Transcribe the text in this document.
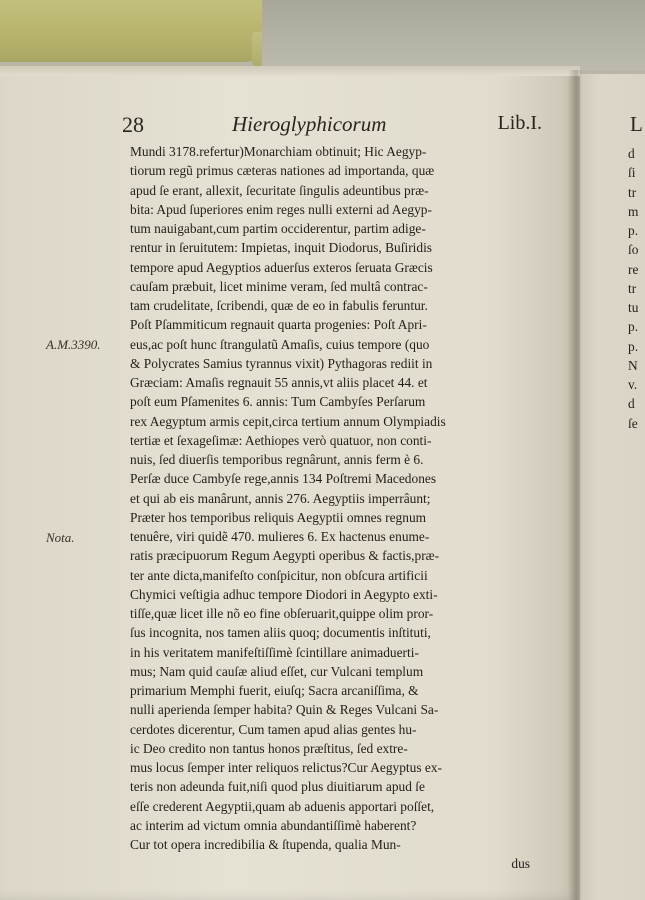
28	Hieroglyphicorum	Lib.I.
A.M.3390.
Nota.
Mundi 3178.refertur)Monarchiam obtinuit; Hic Aegyp-
tiorum regũ primus cæteras nationes ad importanda, quæ
apud ſe erant, allexit, ſecuritate ſingulis adeuntibus præ-
bita: Apud ſuperiores enim reges nulli externi ad Aegyp-
tum nauigabant,cum partim occiderentur, partim adige-
rentur in ſeruitutem: Impietas, inquit Diodorus, Buſiridis
tempore apud Aegyptios aduerſus exteros ſeruata Græcis
cauſam præbuit, licet minime veram, ſed multâ contrac-
tam crudelitate, ſcribendi, quæ de eo in fabulis feruntur.
Poſt Pſammiticum regnauit quarta progenies: Poſt Apri-
eus,ac poſt hunc ſtrangulatũ Amaſis, cuius tempore (quo
& Polycrates Samius tyrannus vixit) Pythagoras rediit in
Græciam: Amaſis regnauit 55 annis,vt aliis placet 44. et
poſt eum Pſamenites 6. annis: Tum Cambyſes Perſarum
rex Aegyptum armis cepit,circa tertium annum Olympiadis
tertiæ et ſexageſimæ: Aethiopes verò quatuor, non conti-
nuis, ſed diuerſis temporibus regnârunt, annis ferm è 6.
Perſæ duce Cambyſe rege,annis 134 Poſtremi Macedones
et qui ab eis manârunt, annis 276. Aegyptiis imperrâunt;
Præter hos temporibus reliquis Aegyptii omnes regnum
tenuêre, viri quidẽ 470. mulieres 6. Ex hactenus enume-
ratis præcipuorum Regum Aegypti operibus & factis,præ-
ter ante dicta,manifeſto conſpicitur, non obſcura artificii
Chymici veſtigia adhuc tempore Diodori in Aegypto exti-
tiſſe,quæ licet ille nõ eo fine obſeruarit,quippe olim pror-
ſus incognita, nos tamen aliis quoq; documentis inſtituti,
in his veritatem manifeſtiſſimè ſcintillare animaduerti-
mus; Nam quid cauſæ aliud eſſet, cur Vulcani templum
primarium Memphi fuerit, eiuſq; Sacra arcaniſſima, &
nulli aperienda ſemper habita? Quin & Reges Vulcani Sa-
cerdotes dicerentur, Cum tamen apud alias gentes hu-
ic Deo credito non tantus honos præſtitus, ſed extre-
mus locus ſemper inter reliquos relictus?Cur Aegyptus ex-
teris non adeunda fuit,niſi quod plus diuitiarum apud ſe
eſſe crederent Aegyptii,quam ab aduenis apportari poſſet,
ac interim ad victum omnia abundantiſſimè haberent?
Cur tot opera incredibilia & ſtupenda, qualia Mun-
dus
L
d
ſi
tr
m
p.
ſo
re
tr
tu
p.
p.
N
v.
d
ſe
